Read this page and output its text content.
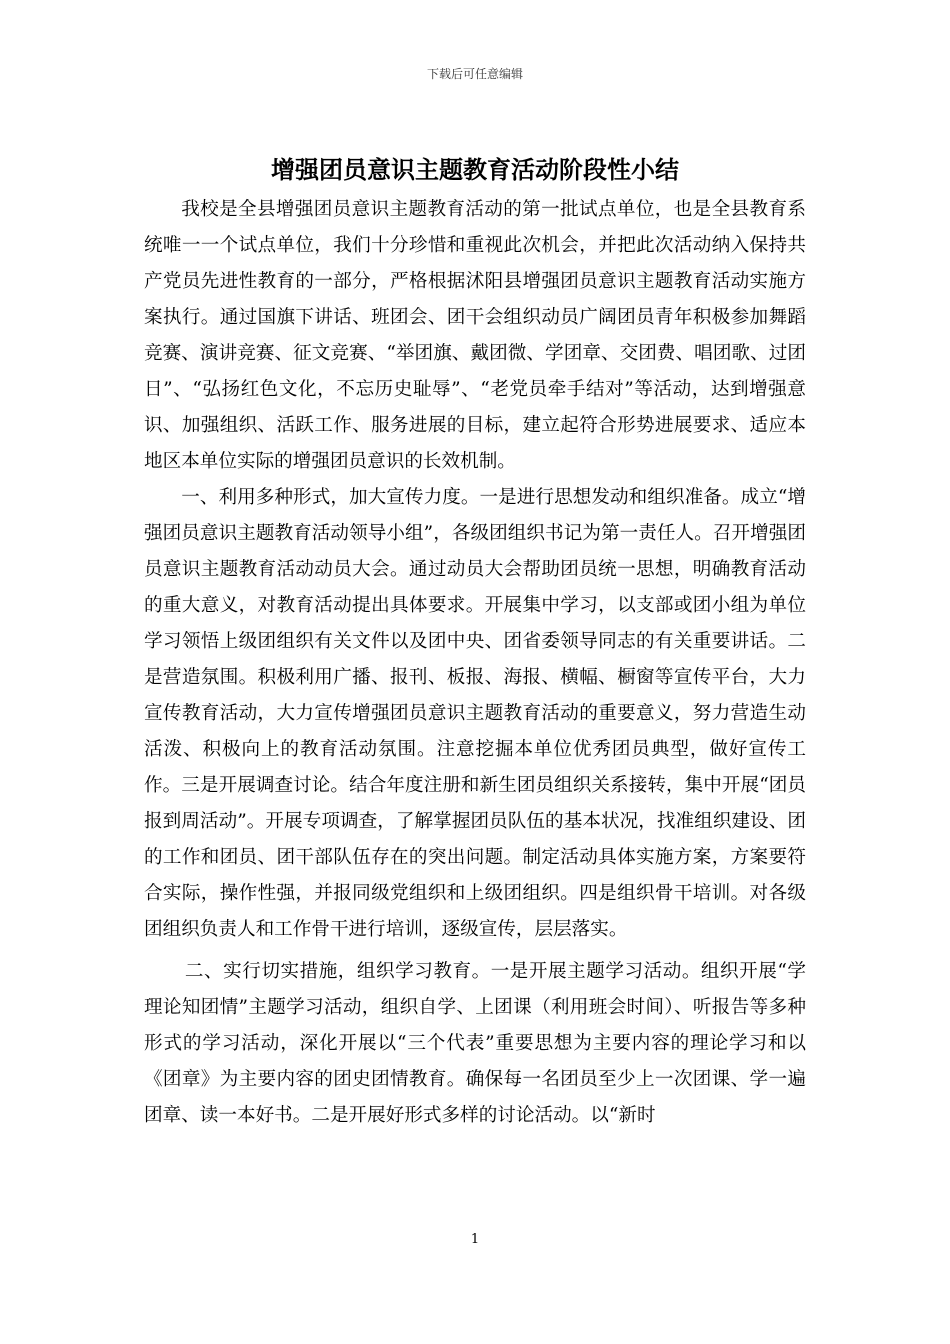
下载后可任意编辑
增强团员意识主题教育活动阶段性小结

我校是全县增强团员意识主题教育活动的第一批试点单位，也是全县教育系统唯一一个试点单位，我们十分珍惜和重视此次机会，并把此次活动纳入保持共产党员先进性教育的一部分，严格根据沭阳县增强团员意识主题教育活动实施方案执行。通过国旗下讲话、班团会、团干会组织动员广阔团员青年积极参加舞蹈竞赛、演讲竞赛、征文竞赛、“举团旗、戴团微、学团章、交团费、唱团歌、过团日”、“弘扬红色文化，不忘历史耻辱”、“老党员牵手结对”等活动，达到增强意识、加强组织、活跃工作、服务进展的目标，建立起符合形势进展要求、适应本地区本单位实际的增强团员意识的长效机制。

一、利用多种形式，加大宣传力度。一是进行思想发动和组织准备。成立“增强团员意识主题教育活动领导小组”，各级团组织书记为第一责任人。召开增强团员意识主题教育活动动员大会。通过动员大会帮助团员统一思想，明确教育活动的重大意义，对教育活动提出具体要求。开展集中学习，以支部或团小组为单位学习领悟上级团组织有关文件以及团中央、团省委领导同志的有关重要讲话。二是营造氛围。积极利用广播、报刊、板报、海报、横幅、橱窗等宣传平台，大力宣传教育活动，大力宣传增强团员意识主题教育活动的重要意义，努力营造生动活泼、积极向上的教育活动氛围。注意挖掘本单位优秀团员典型，做好宣传工作。三是开展调查讨论。结合年度注册和新生团员组织关系接转，集中开展“团员报到周活动”。开展专项调查，了解掌握团员队伍的基本状况，找准组织建设、团的工作和团员、团干部队伍存在的突出问题。制定活动具体实施方案，方案要符合实际，操作性强，并报同级党组织和上级团组织。四是组织骨干培训。对各级团组织负责人和工作骨干进行培训，逐级宣传，层层落实。

二、实行切实措施，组织学习教育。一是开展主题学习活动。组织开展“学理论知团情”主题学习活动，组织自学、上团课（利用班会时间）、听报告等多种形式的学习活动，深化开展以“三个代表”重要思想为主要内容的理论学习和以《团章》为主要内容的团史团情教育。确保每一名团员至少上一次团课、学一遍团章、读一本好书。二是开展好形式多样的讨论活动。以“新时

1
